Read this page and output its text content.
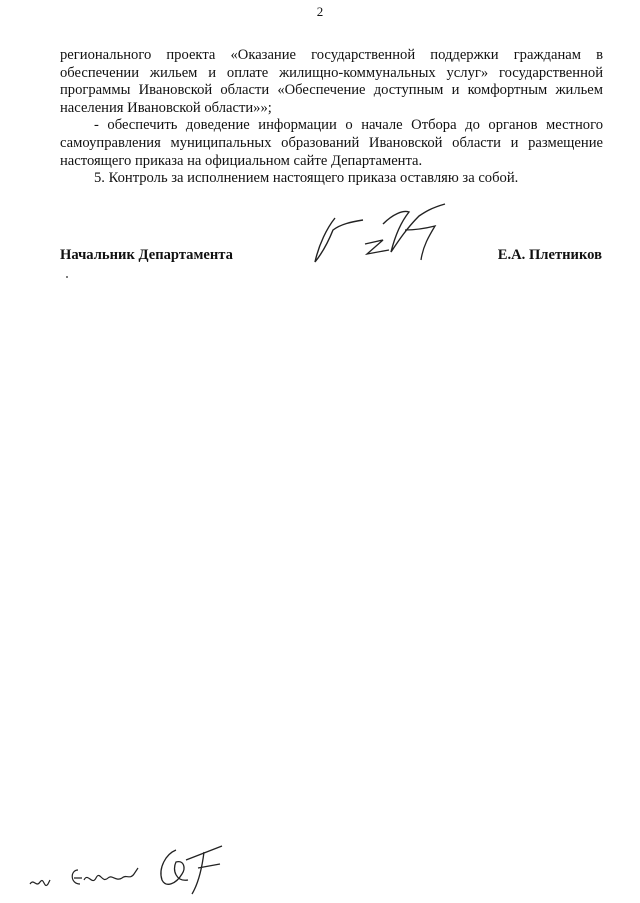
2

регионального проекта «Оказание государственной поддержки гражданам в обеспечении жильем и оплате жилищно-коммунальных услуг» государственной программы Ивановской области «Обеспечение доступным и комфортным жильем населения Ивановской области»»;

- обеспечить доведение информации о начале Отбора до органов местного самоуправления муниципальных образований Ивановской области и размещение настоящего приказа на официальном сайте Департамента.

5. Контроль за исполнением настоящего приказа оставляю за собой.

Начальник Департамента	Е.А. Плетников
